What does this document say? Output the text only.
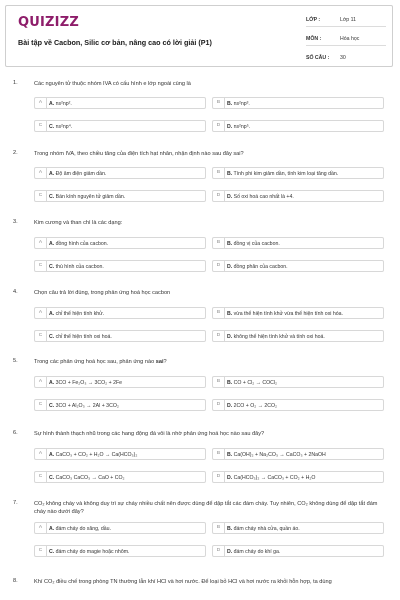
QUIZIZZ
Bài tập về Cacbon, Silic cơ bản, nâng cao có lời giải (P1)
LỚP :	Lớp 11
MÔN :	Hóa học
SỐ CÂU : 30
1.	Các nguyên tử thuộc nhóm IVA có cấu hình e lớp ngoài cùng là
A	A. ns²np².	B	B. ns²np³.
C	C. ns²np⁴.	D	D. ns²np⁵.
2.	Trong nhóm IVA, theo chiều tăng của điện tích hạt nhân, nhận định nào sau đây sai?
A	A. Độ âm điện giảm dần.	B	B. Tính phi kim giảm dần, tính kim loại tăng dần.
C	C. Bán kính nguyên tử giảm dần.	D	D. Số oxi hoá cao nhất là +4.
3.	Kim cương và than chì là các dạng:
A	A. đồng hình của cacbon.	B	B. đồng vị của cacbon.
C	C. thù hình của cacbon.	D	D. đồng phân của cacbon.
4.	Chọn câu trả lời đúng, trong phản ứng hoá học cacbon
A	A. chỉ thể hiện tính khử.	B	B. vừa thể hiện tính khử vừa thể hiện tính oxi hóa.
C	C. chỉ thể hiện tính oxi hoá.	D	D. không thể hiện tính khử và tính oxi hoá.
5.	Trong các phản ứng hoá học sau, phản ứng nào sai?
A	A. 3CO + Fe₂O₃ → 3CO₂ + 2Fe	B	B. CO + Cl₂ → COCl₂
C	C. 3CO + Al₂O₃ → 2Al + 3CO₂	D	D. 2CO + O₂ → 2CO₂
6.	Sự hình thành thạch nhũ trong các hang động đá vôi là nhờ phản ứng hoá học nào sau đây?
A	A. CaCO₃ + CO₂ + H₂O → Ca(HCO₃)₂	B	B. Ca(OH)₂ + Na₂CO₃ → CaCO₃ + 2NaOH
C	C. CaCO₃ CaCO₃ → CaO + CO₂	D	D. Ca(HCO₃)₂ → CaCO₃ + CO₂ + H₂O
7.	CO₂ không cháy và không duy trì sự cháy nhiều chất nên được dùng để dập tắt các đám cháy. Tuy nhiên, CO₂ không dùng để dập tắt đám cháy nào dưới đây?
A	A. đám cháy do xăng, dầu.	B	B. đám cháy nhà cửa, quần áo.
C	C. đám cháy do magie hoặc nhôm.	D	D. đám cháy do khí ga.
8.	Khí CO₂ điều chế trong phòng TN thường lẫn khí HCl và hơi nước. Để loại bỏ HCl và hơi nước ra khỏi hỗn hợp, ta dùng
